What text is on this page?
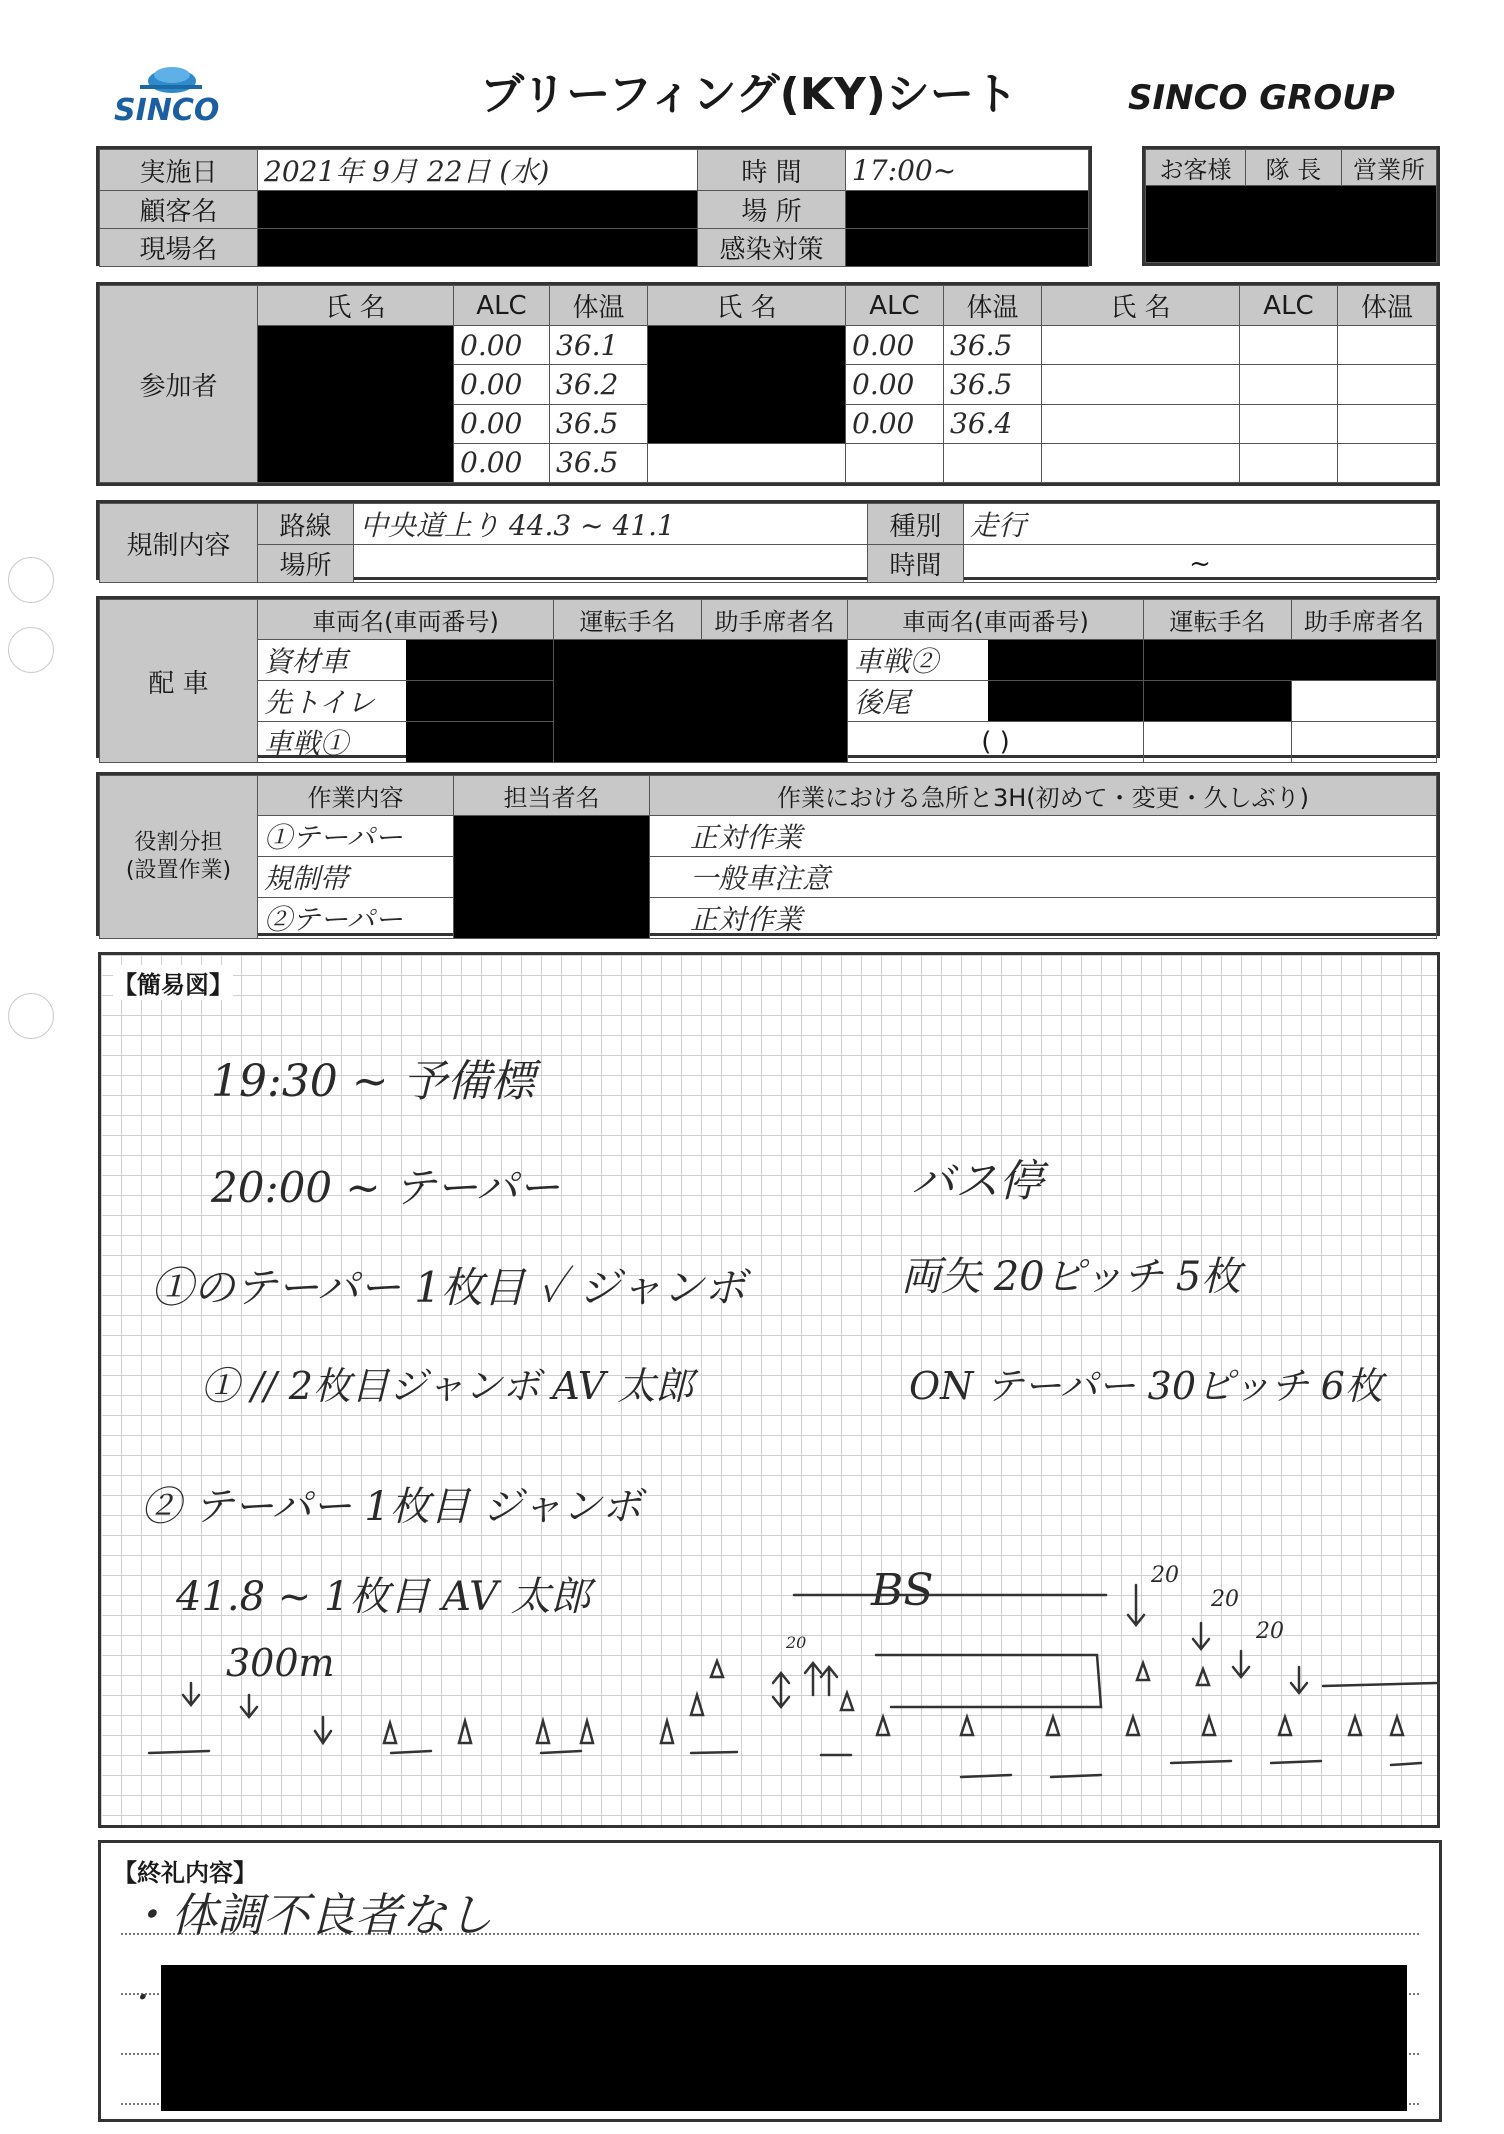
SINCO	ブリーフィング(KY)シート	SINCO GROUP
実施日	2021年 9月 22日 (水)	時 間	17:00~
顧客名		場 所	
現場名		感染対策	
お客様	隊 長	営業所

参加者	氏 名	ALC	体温	氏 名	ALC	体温	氏 名	ALC	体温
		0.00	36.1		0.00	36.5			
		0.00	36.2		0.00	36.5			
		0.00	36.5		0.00	36.4			
		0.00	36.5						
規制内容	路線	中央道上り 44.3 ~ 41.1	種別	走行
	場所		時間	~
配 車	車両名(車両番号)	運転手名	助手席者名	車両名(車両番号)	運転手名	助手席者名
	資材車			車戦②	

	先トイレ			後尾

	車戦①			( )		
役割分担
(設置作業)	作業内容	担当者名	作業における急所と3H(初めて・変更・久しぶり)
	①テーパー		正対作業
	規制帯		一般車注意
	②テーパー		正対作業
【簡易図】
19:30 ~ 予備標
20:00 ~ テーパー
①のテーパー 1枚目 ✓ ジャンボ
① // 2枚目ジャンボ AV 太郎
② テーパー 1枚目 ジャンボ
41.8 ~ 1枚目 AV 太郎
バス停
両矢 20ピッチ 5枚
ON テーパー 30ピッチ 6枚
300m
BS	20
20
20
20
【終礼内容】
・体調不良者なし
・
